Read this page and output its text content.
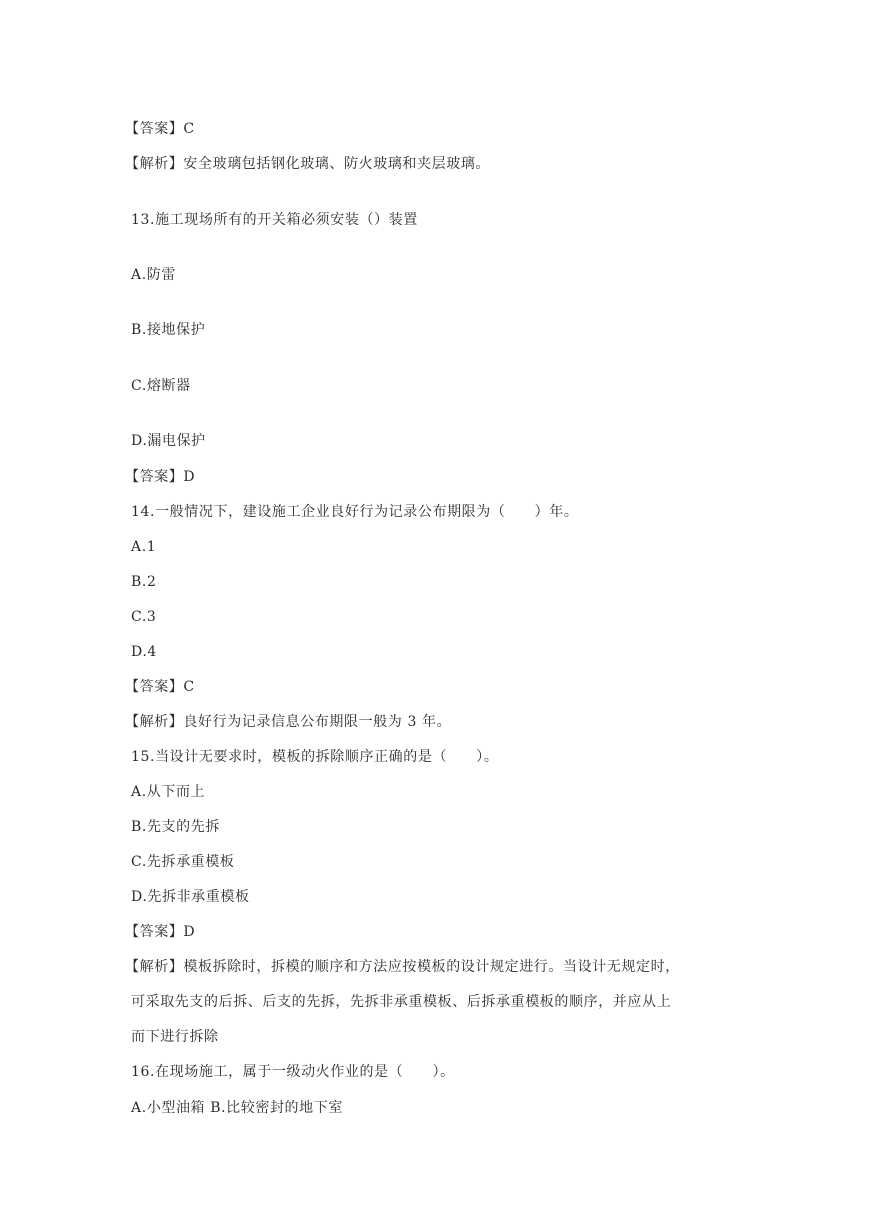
【答案】C
【解析】安全玻璃包括钢化玻璃、防火玻璃和夹层玻璃。
13.施工现场所有的开关箱必须安装（）装置
A.防雷
B.接地保护
C.熔断器
D.漏电保护
【答案】D
14.一般情况下，建设施工企业良好行为记录公布期限为（　　）年。
A.1
B.2
C.3
D.4
【答案】C
【解析】良好行为记录信息公布期限一般为 3 年。
15.当设计无要求时，模板的拆除顺序正确的是（　　）。
A.从下而上
B.先支的先拆
C.先拆承重模板
D.先拆非承重模板
【答案】D
【解析】模板拆除时，拆模的顺序和方法应按模板的设计规定进行。当设计无规定时，
可采取先支的后拆、后支的先拆，先拆非承重模板、后拆承重模板的顺序，并应从上
而下进行拆除
16.在现场施工，属于一级动火作业的是（　　）。
A.小型油箱 B.比较密封的地下室
